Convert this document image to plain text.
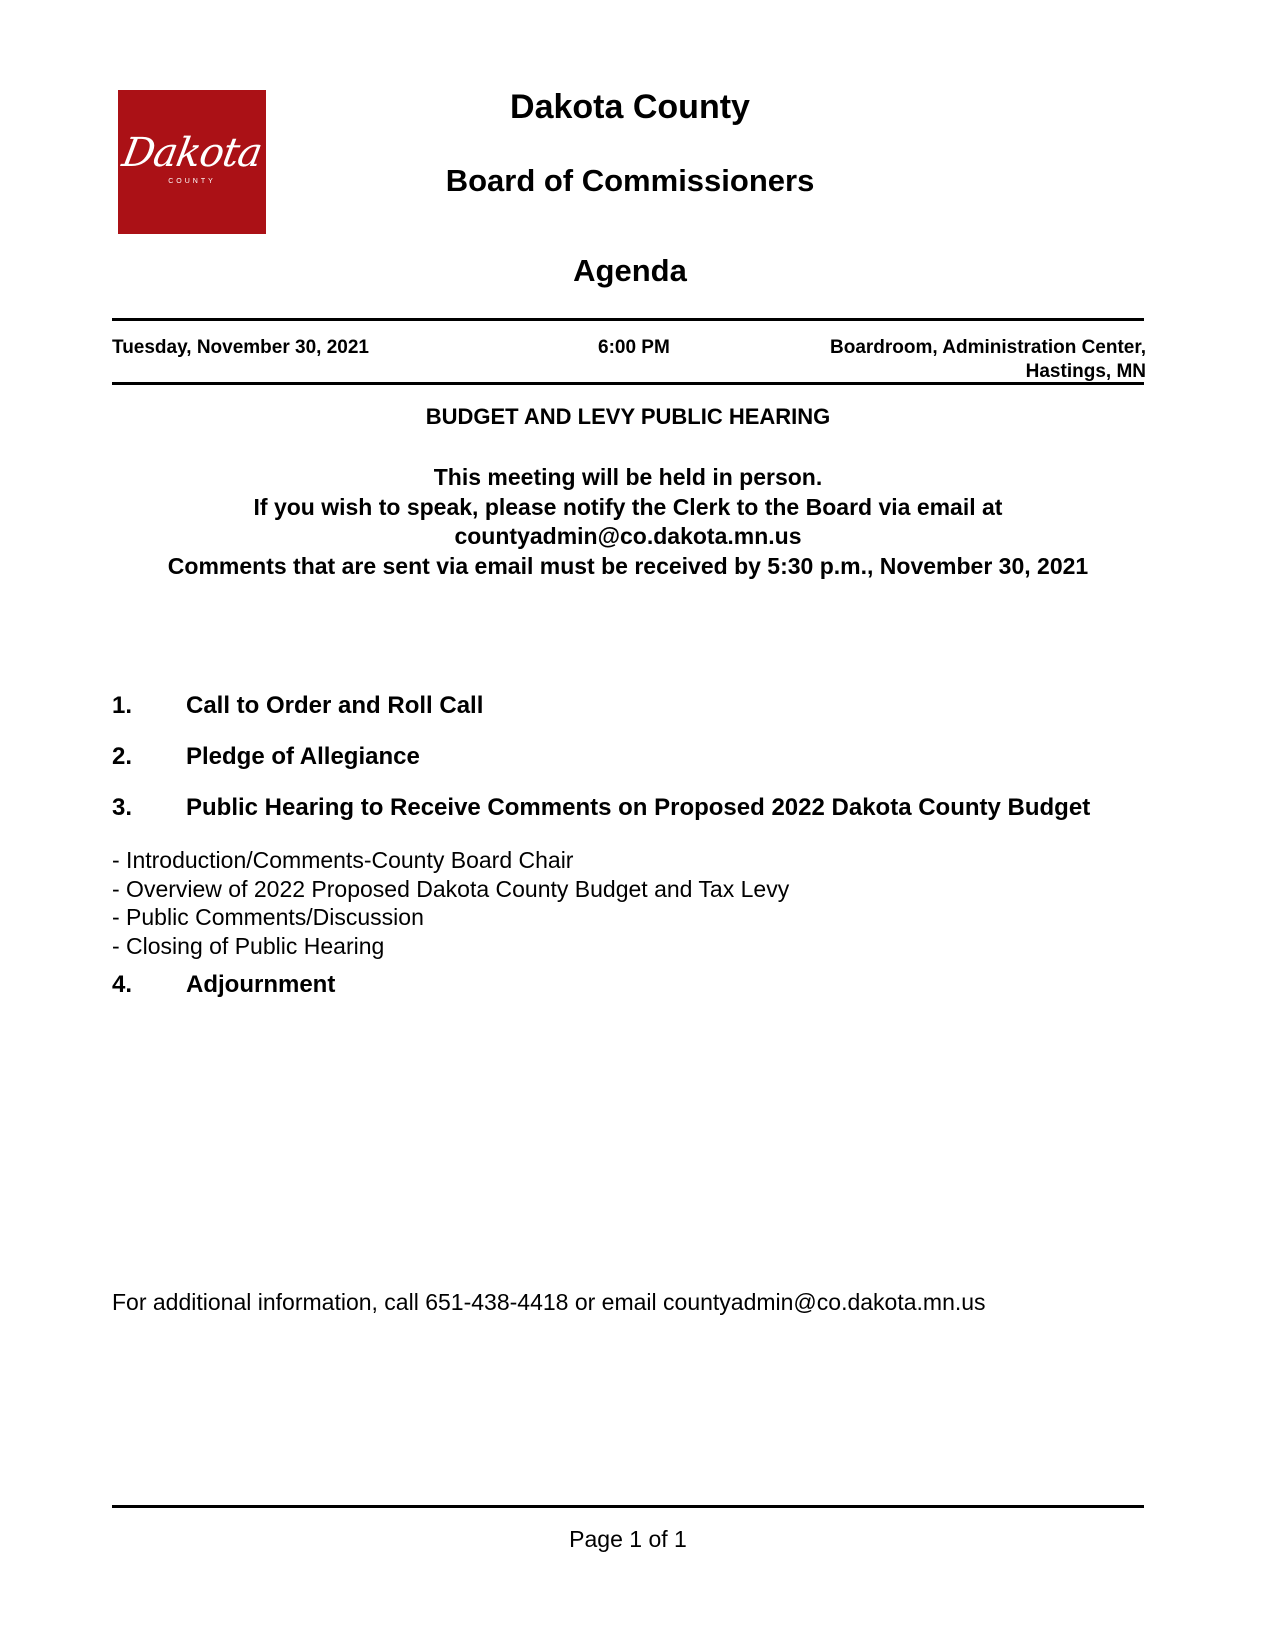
Dakota
COUNTY
Dakota County
Board of Commissioners
Agenda
Tuesday, November 30, 2021	6:00 PM	Boardroom, Administration Center,
Hastings, MN
BUDGET AND LEVY PUBLIC HEARING
This meeting will be held in person.
If you wish to speak, please notify the Clerk to the Board via email at
countyadmin@co.dakota.mn.us
Comments that are sent via email must be received by 5:30 p.m., November 30, 2021
1. Call to Order and Roll Call
2. Pledge of Allegiance
3. Public Hearing to Receive Comments on Proposed 2022 Dakota County Budget
- Introduction/Comments-County Board Chair
- Overview of 2022 Proposed Dakota County Budget and Tax Levy
- Public Comments/Discussion
- Closing of Public Hearing
4. Adjournment
For additional information, call 651-438-4418 or email countyadmin@co.dakota.mn.us
Page 1 of 1
